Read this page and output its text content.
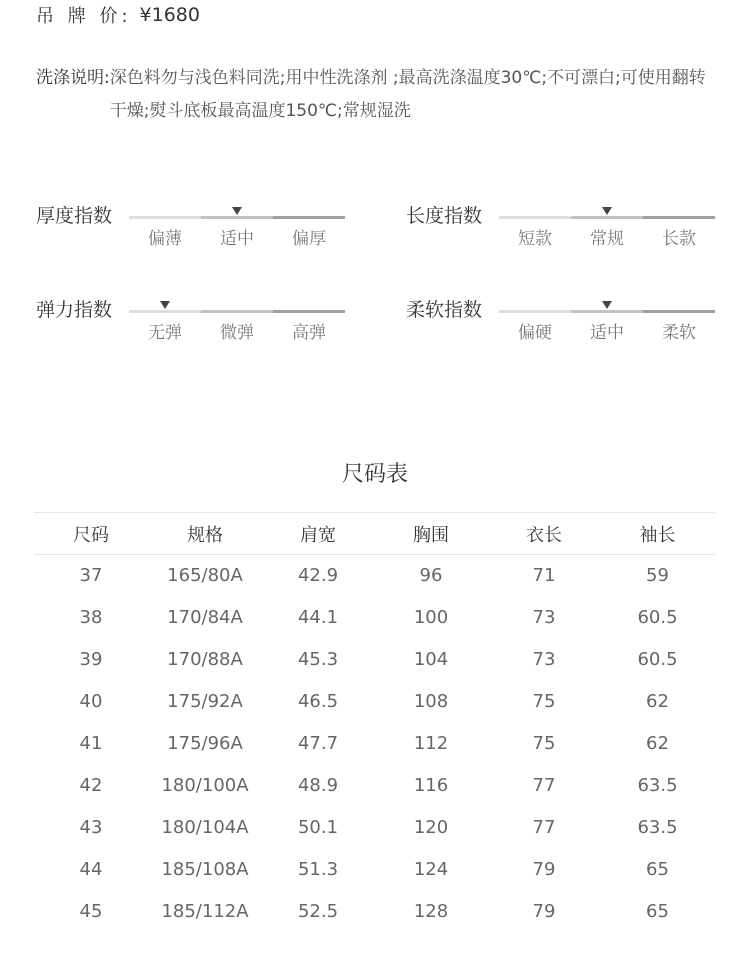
吊 牌 价: ¥1680
洗涤说明: 深色料勿与浅色料同洗;用中性洗涤剂 ;最高洗涤温度30℃;不可漂白;可使用翻转干燥;熨斗底板最高温度150℃;常规湿洗
厚度指数
偏薄	适中	偏厚
长度指数
短款	常规	长款
弹力指数
无弹	微弹	高弹
柔软指数
偏硬	适中	柔软
尺码表
尺码	规格	肩宽	胸围	衣长	袖长
37	165/80A	42.9	96	71	59
38	170/84A	44.1	100	73	60.5
39	170/88A	45.3	104	73	60.5
40	175/92A	46.5	108	75	62
41	175/96A	47.7	112	75	62
42	180/100A	48.9	116	77	63.5
43	180/104A	50.1	120	77	63.5
44	185/108A	51.3	124	79	65
45	185/112A	52.5	128	79	65
